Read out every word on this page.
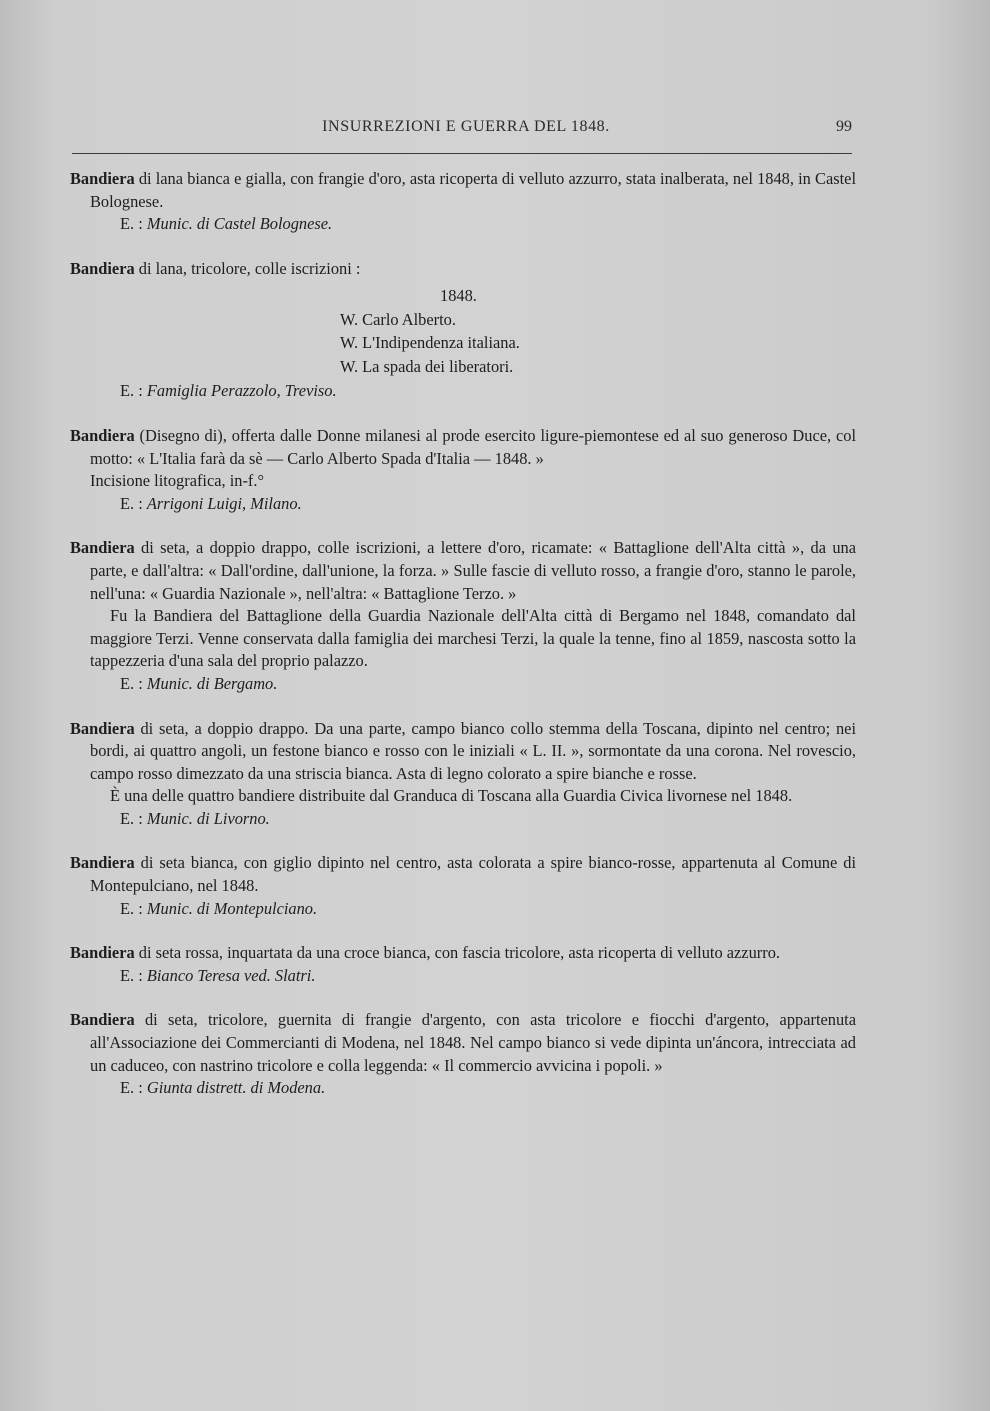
INSURREZIONI E GUERRA DEL 1848.	99

Bandiera di lana bianca e gialla, con frangie d'oro, asta ricoperta di velluto azzurro, stata inalberata, nel 1848, in Castel Bolognese.

E. : Munic. di Castel Bolognese.

Bandiera di lana, tricolore, colle iscrizioni :

1848.
W. Carlo Alberto.
W. L'Indipendenza italiana.
W. La spada dei liberatori.

E. : Famiglia Perazzolo, Treviso.

Bandiera (Disegno di), offerta dalle Donne milanesi al prode esercito ligure-piemontese ed al suo generoso Duce, col motto: « L'Italia farà da sè — Carlo Alberto Spada d'Italia — 1848. »

Incisione litografica, in-f.°

E. : Arrigoni Luigi, Milano.

Bandiera di seta, a doppio drappo, colle iscrizioni, a lettere d'oro, ricamate: « Battaglione dell'Alta città », da una parte, e dall'altra: « Dall'ordine, dall'unione, la forza. » Sulle fascie di velluto rosso, a frangie d'oro, stanno le parole, nell'una: « Guardia Nazionale », nell'altra: « Battaglione Terzo. »

Fu la Bandiera del Battaglione della Guardia Nazionale dell'Alta città di Bergamo nel 1848, comandato dal maggiore Terzi. Venne conservata dalla famiglia dei marchesi Terzi, la quale la tenne, fino al 1859, nascosta sotto la tappezzeria d'una sala del proprio palazzo.

E. : Munic. di Bergamo.

Bandiera di seta, a doppio drappo. Da una parte, campo bianco collo stemma della Toscana, dipinto nel centro; nei bordi, ai quattro angoli, un festone bianco e rosso con le iniziali « L. II. », sormontate da una corona. Nel rovescio, campo rosso dimezzato da una striscia bianca. Asta di legno colorato a spire bianche e rosse.

È una delle quattro bandiere distribuite dal Granduca di Toscana alla Guardia Civica livornese nel 1848.

E. : Munic. di Livorno.

Bandiera di seta bianca, con giglio dipinto nel centro, asta colorata a spire bianco-rosse, appartenuta al Comune di Montepulciano, nel 1848.

E. : Munic. di Montepulciano.

Bandiera di seta rossa, inquartata da una croce bianca, con fascia tricolore, asta ricoperta di velluto azzurro.

E. : Bianco Teresa ved. Slatri.

Bandiera di seta, tricolore, guernita di frangie d'argento, con asta tricolore e fiocchi d'argento, appartenuta all'Associazione dei Commercianti di Modena, nel 1848. Nel campo bianco si vede dipinta un'áncora, intrecciata ad un caduceo, con nastrino tricolore e colla leggenda: « Il commercio avvicina i popoli. »

E. : Giunta distrett. di Modena.
